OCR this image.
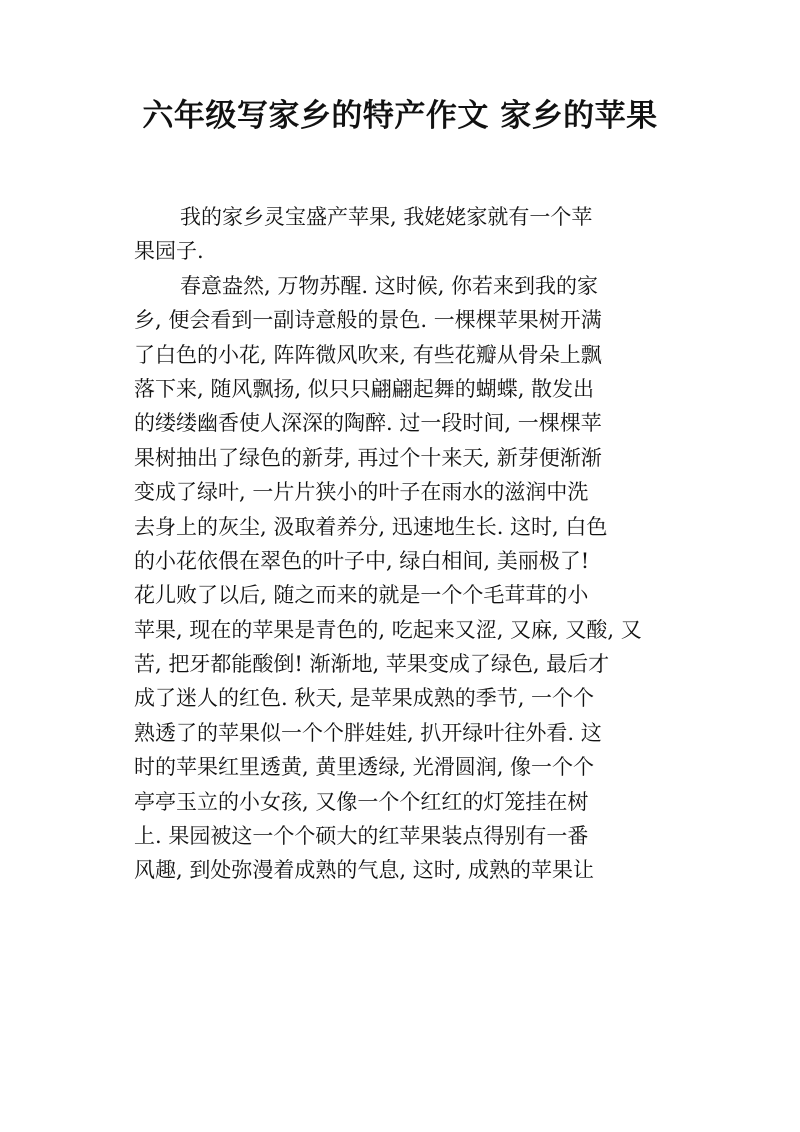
六年级写家乡的特产作文 家乡的苹果
我的家乡灵宝盛产苹果, 我姥姥家就有一个苹
果园子.
春意盎然, 万物苏醒. 这时候, 你若来到我的家
乡, 便会看到一副诗意般的景色. 一棵棵苹果树开满
了白色的小花, 阵阵微风吹来, 有些花瓣从骨朵上飘
落下来, 随风飘扬, 似只只翩翩起舞的蝴蝶, 散发出
的缕缕幽香使人深深的陶醉. 过一段时间, 一棵棵苹
果树抽出了绿色的新芽, 再过个十来天, 新芽便渐渐
变成了绿叶, 一片片狭小的叶子在雨水的滋润中洗
去身上的灰尘, 汲取着养分, 迅速地生长. 这时, 白色
的小花依偎在翠色的叶子中, 绿白相间, 美丽极了!
花儿败了以后, 随之而来的就是一个个毛茸茸的小
苹果, 现在的苹果是青色的, 吃起来又涩, 又麻, 又酸, 又
苦, 把牙都能酸倒! 渐渐地, 苹果变成了绿色, 最后才
成了迷人的红色. 秋天, 是苹果成熟的季节, 一个个
熟透了的苹果似一个个胖娃娃, 扒开绿叶往外看. 这
时的苹果红里透黄, 黄里透绿, 光滑圆润, 像一个个
亭亭玉立的小女孩, 又像一个个红红的灯笼挂在树
上. 果园被这一个个硕大的红苹果装点得别有一番
风趣, 到处弥漫着成熟的气息, 这时, 成熟的苹果让
